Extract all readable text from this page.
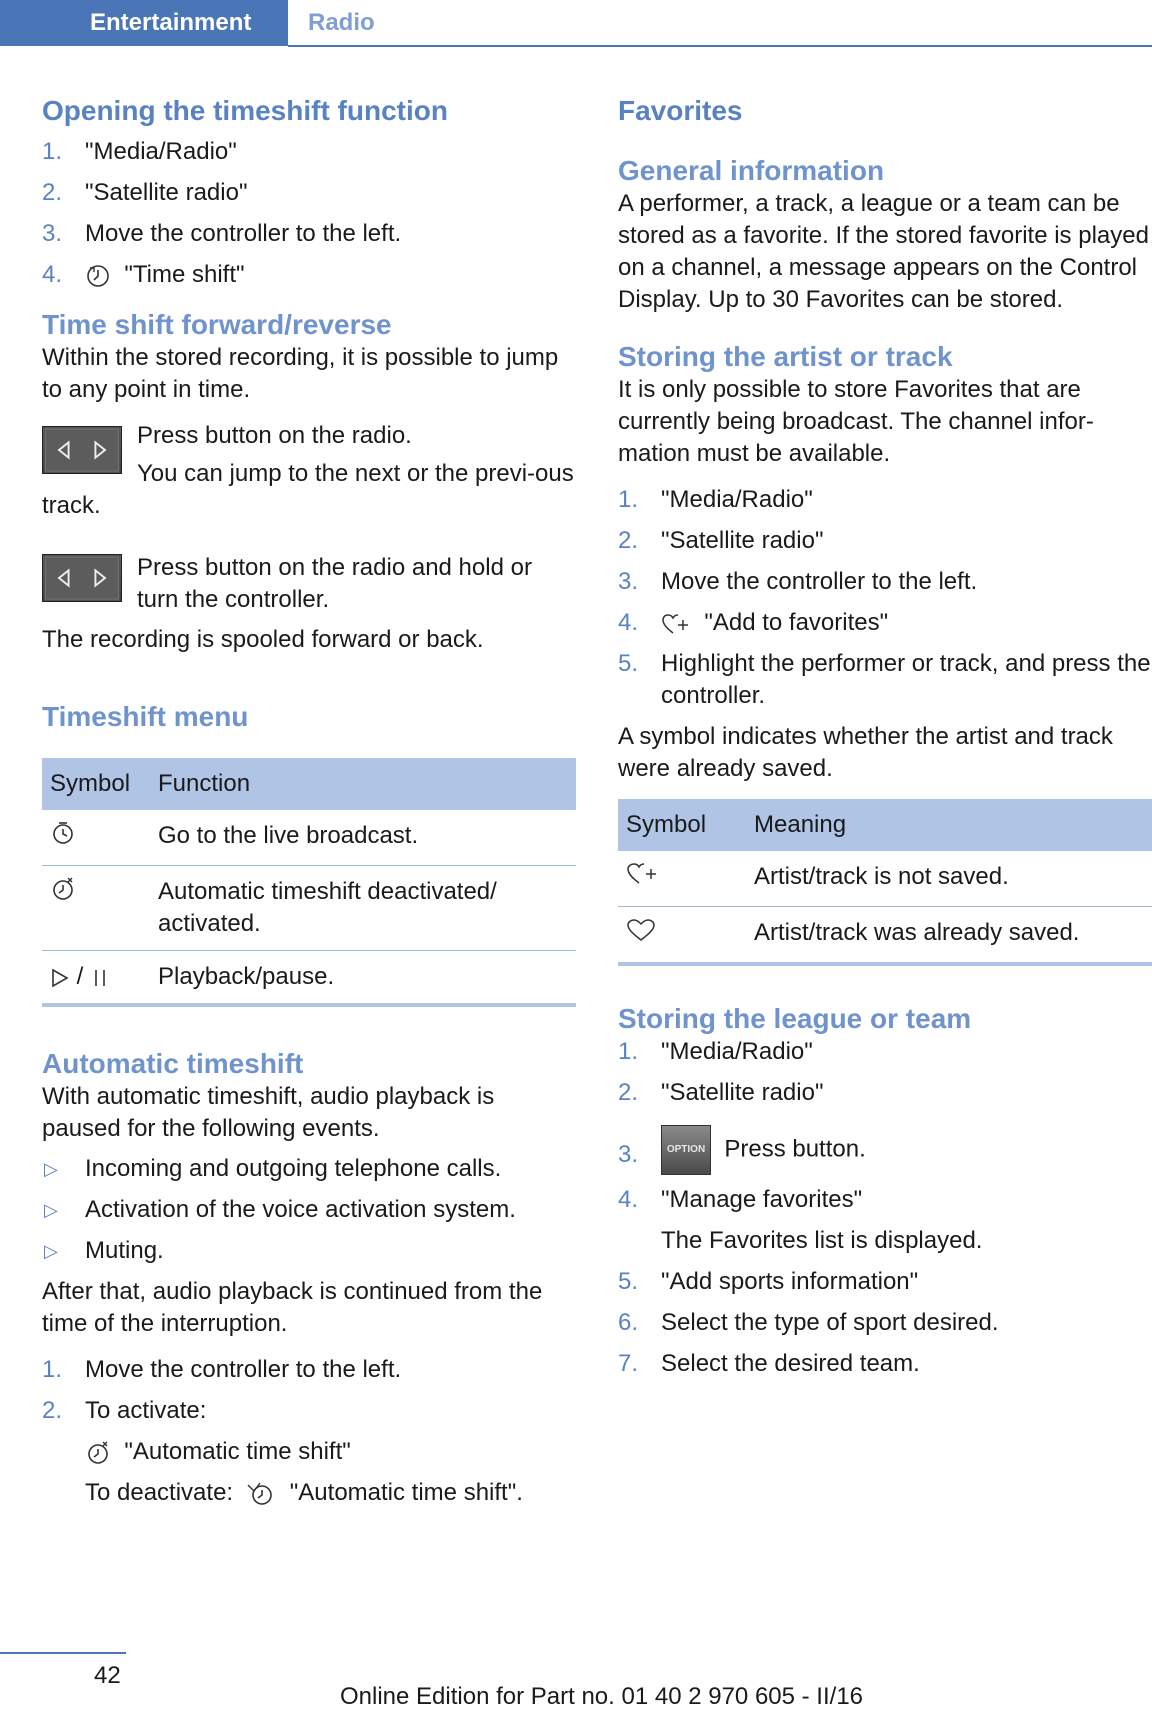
Entertainment	Radio
Opening the timeshift function
1. "Media/Radio"
2. "Satellite radio"
3. Move the controller to the left.
4.	"Time shift"
Time shift forward/reverse

Within the stored recording, it is possible to jump to any point in time.

Press button on the radio.

You can jump to the next or the previ‐ous track.

Press button on the radio and hold or turn the controller.

The recording is spooled forward or back.

Timeshift menu
Symbol	Function
	Go to the live broadcast.
	Automatic timeshift deactivated/ activated.
/	Playback/pause.
Automatic timeshift

With automatic timeshift, audio playback is paused for the following events.

▷ Incoming and outgoing telephone calls.
▷ Activation of the voice activation system.
▷ Muting.

After that, audio playback is continued from the time of the interruption.

1. Move the controller to the left.
2. To activate:
"Automatic time shift"
To deactivate: "Automatic time shift".
Favorites
General information

A performer, a track, a league or a team can be stored as a favorite. If the stored favorite is played on a channel, a message appears on the Control Display. Up to 30 Favorites can be stored.

Storing the artist or track

It is only possible to store Favorites that are currently being broadcast. The channel infor‐mation must be available.

1. "Media/Radio"
2. "Satellite radio"
3. Move the controller to the left.
4.	"Add to favorites"
5. Highlight the performer or track, and press the controller.

A symbol indicates whether the artist and track were already saved.

Symbol	Meaning
	Artist/track is not saved.
	Artist/track was already saved.
Storing the league or team
1. "Media/Radio"
2. "Satellite radio"
3.	OPTION Press button.
4. "Manage favorites"
The Favorites list is displayed.
5. "Add sports information"
6. Select the type of sport desired.
7. Select the desired team.
42
Online Edition for Part no. 01 40 2 970 605 - II/16
